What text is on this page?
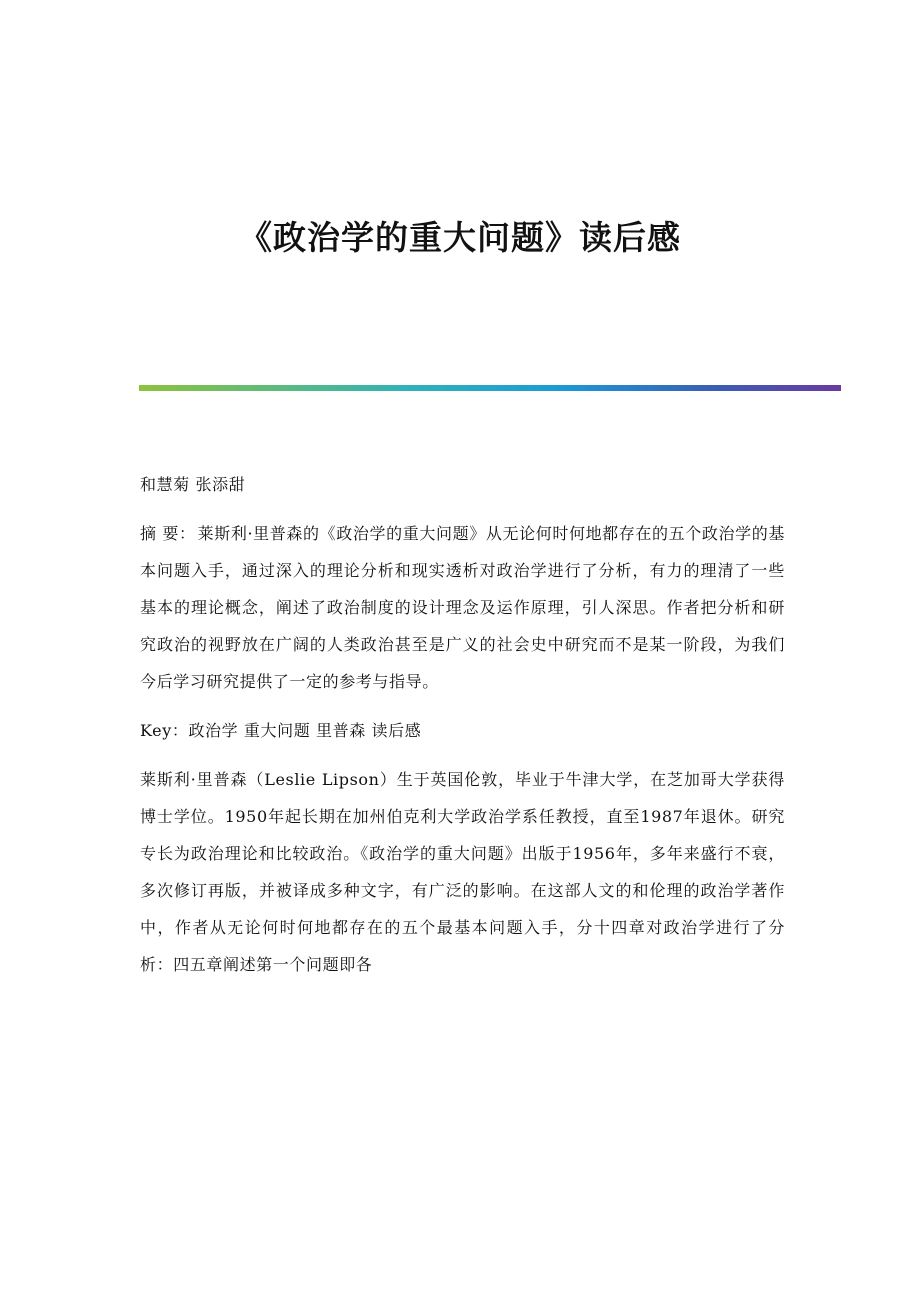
《政治学的重大问题》读后感

和慧菊 张添甜

摘 要： 莱斯利·里普森的《政治学的重大问题》从无论何时何地都存在的五个政治学的基本问题入手，通过深入的理论分析和现实透析对政治学进行了分析，有力的理清了一些基本的理论概念，阐述了政治制度的设计理念及运作原理，引人深思。作者把分析和研究政治的视野放在广阔的人类政治甚至是广义的社会史中研究而不是某一阶段，为我们今后学习研究提供了一定的参考与指导。

Key：政治学 重大问题 里普森 读后感

莱斯利·里普森（Leslie Lipson）生于英国伦敦，毕业于牛津大学，在芝加哥大学获得博士学位。1950年起长期在加州伯克利大学政治学系任教授，直至1987年退休。研究专长为政治理论和比较政治。《政治学的重大问题》出版于1956年，多年来盛行不衰，多次修订再版，并被译成多种文字，有广泛的影响。在这部人文的和伦理的政治学著作中，作者从无论何时何地都存在的五个最基本问题入手，分十四章对政治学进行了分析：四五章阐述第一个问题即各
